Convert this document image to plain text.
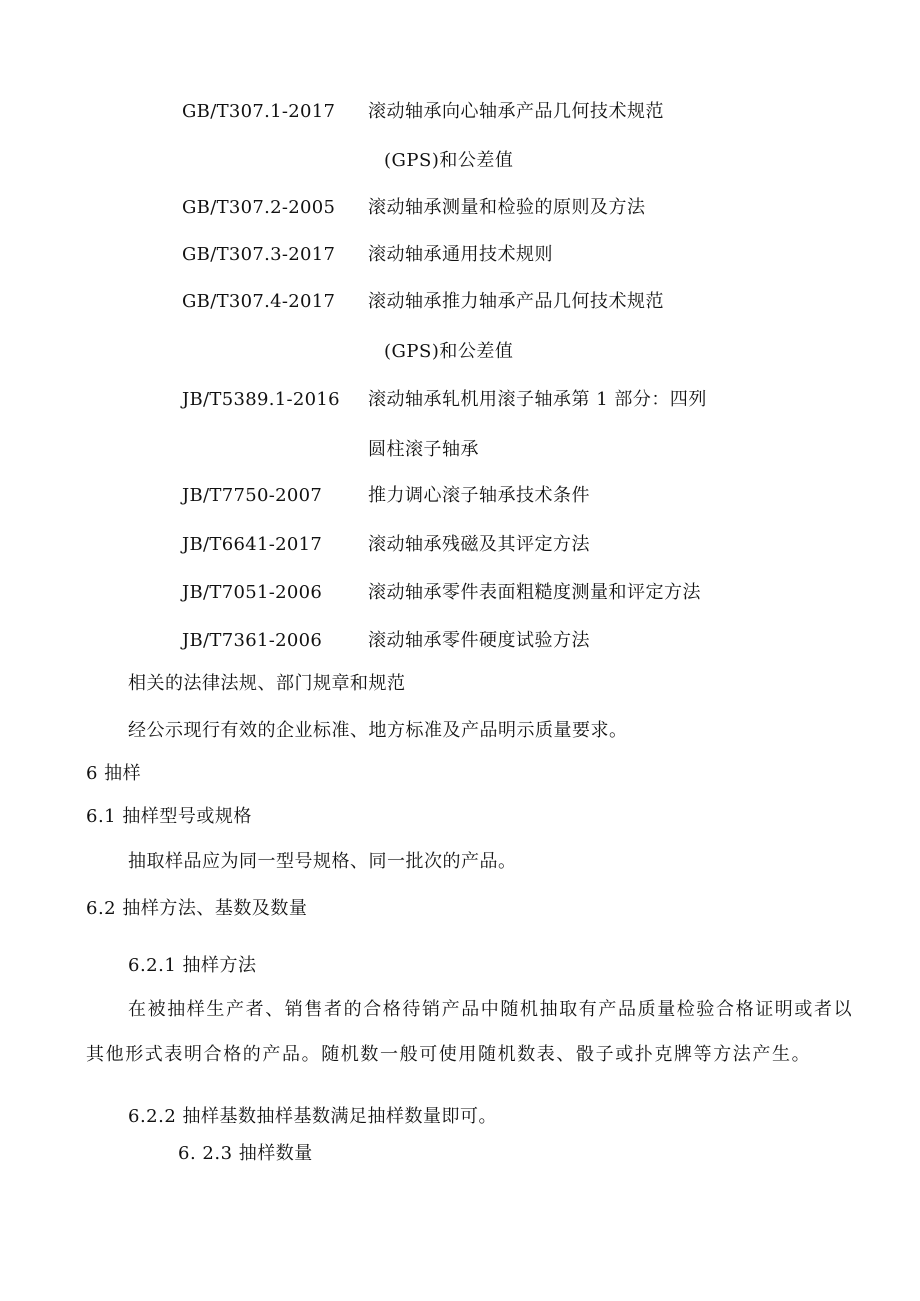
GB/T307.1-2017 滚动轴承向心轴承产品几何技术规范
(GPS)和公差值
GB/T307.2-2005 滚动轴承测量和检验的原则及方法
GB/T307.3-2017 滚动轴承通用技术规则
GB/T307.4-2017 滚动轴承推力轴承产品几何技术规范
(GPS)和公差值
JB/T5389.1-2016 滚动轴承轧机用滚子轴承第 1 部分：四列
圆柱滚子轴承
JB/T7750-2007	推力调心滚子轴承技术条件
JB/T6641-2017	滚动轴承残磁及其评定方法
JB/T7051-2006	滚动轴承零件表面粗糙度测量和评定方法
JB/T7361-2006	滚动轴承零件硬度试验方法
相关的法律法规、部门规章和规范
经公示现行有效的企业标准、地方标准及产品明示质量要求。
6 抽样
6.1 抽样型号或规格
抽取样品应为同一型号规格、同一批次的产品。
6.2 抽样方法、基数及数量
6.2.1 抽样方法
在被抽样生产者、销售者的合格待销产品中随机抽取有产品质量检验合格证明或者以
其他形式表明合格的产品。随机数一般可使用随机数表、骰子或扑克牌等方法产生。
6.2.2 抽样基数抽样基数满足抽样数量即可。
6. 2.3 抽样数量
